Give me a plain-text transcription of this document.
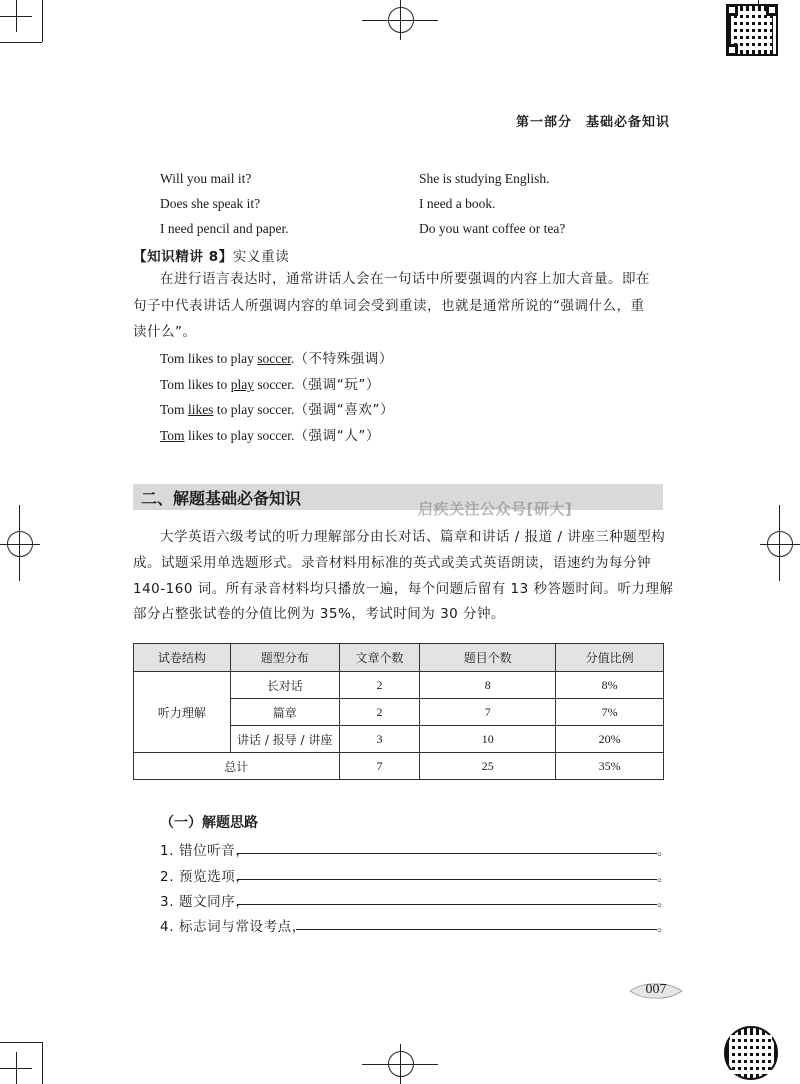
第一部分　基础必备知识
Will you mail it?
Does she speak it?
I need pencil and paper.
She is studying English.
I need a book.
Do you want coffee or tea?
【知识精讲 8】实义重读
在进行语言表达时，通常讲话人会在一句话中所要强调的内容上加大音量。即在
句子中代表讲话人所强调内容的单词会受到重读，也就是通常所说的“强调什么，重
读什么”。
Tom likes to play soccer.（不特殊强调）
Tom likes to play soccer.（强调“玩”）
Tom likes to play soccer.（强调“喜欢”）
Tom likes to play soccer.（强调“人”）
二、解题基础必备知识
启疾关注公众号[研大]
大学英语六级考试的听力理解部分由长对话、篇章和讲话 / 报道 / 讲座三种题型构
成。试题采用单选题形式。录音材料用标准的英式或美式英语朗读，语速约为每分钟
140-160 词。所有录音材料均只播放一遍，每个问题后留有 13 秒答题时间。听力理解
部分占整张试卷的分值比例为 35%，考试时间为 30 分钟。
试卷结构	题型分布	文章个数	题目个数	分值比例
听力理解	长对话	2	8	8%
	篇章	2	7	7%
	讲话 / 报导 / 讲座	3	10	20%
总计		7	25	35%
（一）解题思路
1. 错位听音，	。
2. 预览选项，	。
3. 题文同序，	。
4. 标志词与常设考点，	。
007
